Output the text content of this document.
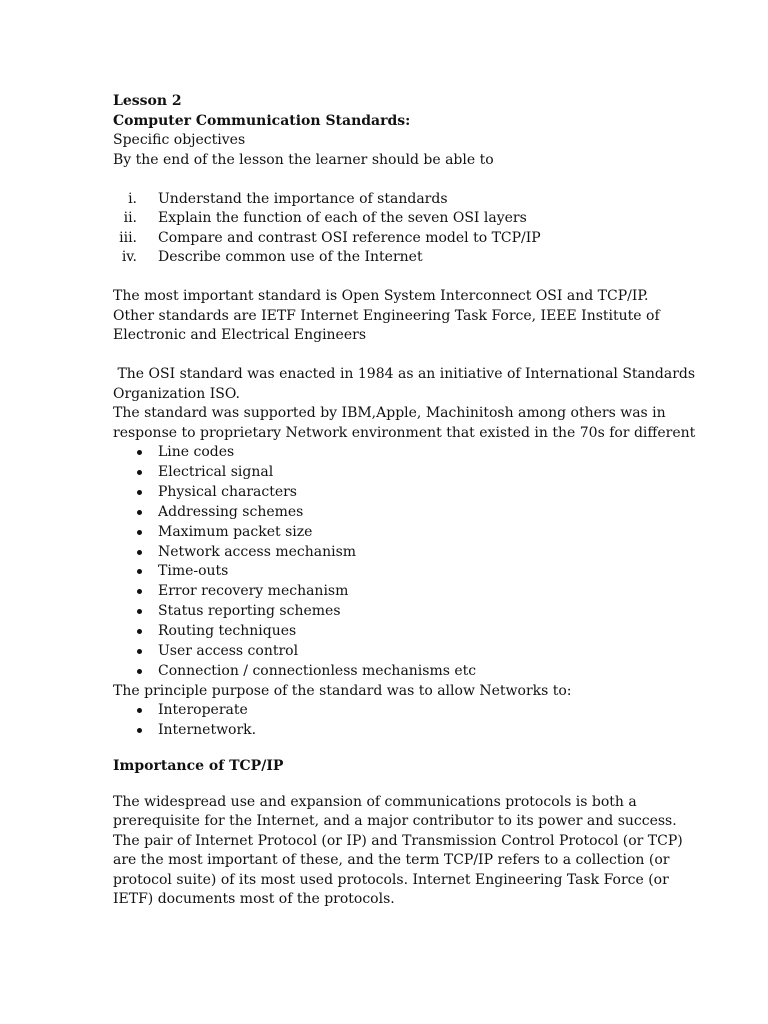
Lesson 2

Computer Communication Standards:

Specific objectives

By the end of the lesson the learner should be able to

i. Understand the importance of standards
ii. Explain the function of each of the seven OSI layers
iii. Compare and contrast OSI reference model to TCP/IP
iv. Describe common use of the Internet

The most important standard is Open System Interconnect OSI and TCP/IP.

Other standards are IETF Internet Engineering Task Force, IEEE Institute of

Electronic and Electrical Engineers

The OSI standard was enacted in 1984 as an initiative of International Standards

Organization ISO.

The standard was supported by IBM,Apple, Machinitosh among others was in

response to proprietary Network environment that existed in the 70s for different

Line codes
Electrical signal
Physical characters
Addressing schemes
Maximum packet size
Network access mechanism
Time-outs
Error recovery mechanism
Status reporting schemes
Routing techniques
User access control
Connection / connectionless mechanisms etc

The principle purpose of the standard was to allow Networks to:

Interoperate
Internetwork.

Importance of TCP/IP

The widespread use and expansion of communications protocols is both a

prerequisite for the Internet, and a major contributor to its power and success.

The pair of Internet Protocol (or IP) and Transmission Control Protocol (or TCP)

are the most important of these, and the term TCP/IP refers to a collection (or

protocol suite) of its most used protocols. Internet Engineering Task Force (or

IETF) documents most of the protocols.
